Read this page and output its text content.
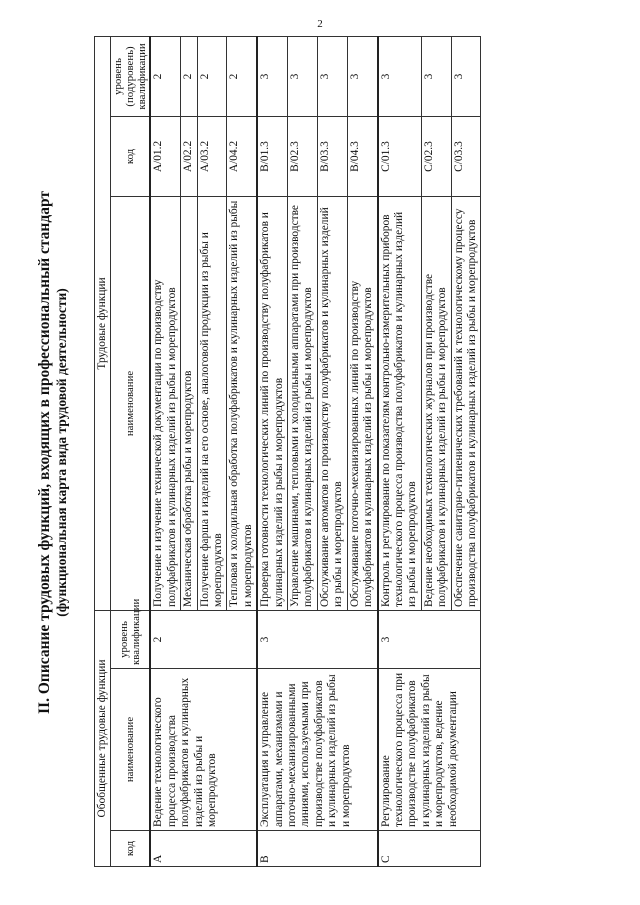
2
II. Описание трудовых функций, входящих в профессиональный стандарт (функциональная карта вида трудовой деятельности)
Обобщенные трудовые функции			Трудовые функции		
код	наименование	уровень квалификации	наименование	код	уровень (подуровень) квалификации
A	Ведение технологического процесса производства полуфабрикатов и кулинарных изделий из рыбы и морепродуктов	2	Получение и изучение технической документации по производству полуфабрикатов и кулинарных изделий из рыбы и морепродуктов	A/01.2	2
			Механическая обработка рыбы и морепродуктов	A/02.2	2
			Получение фарша и изделий на его основе, аналоговой продукции из рыбы и морепродуктов	A/03.2	2
			Тепловая и холодильная обработка полуфабрикатов и кулинарных изделий из рыбы и морепродуктов	A/04.2	2
B	Эксплуатация и управление аппаратами, механизмами и поточно-механизированными линиями, используемыми при производстве полуфабрикатов и кулинарных изделий из рыбы и морепродуктов	3	Проверка готовности технологических линий по производству полуфабрикатов и кулинарных изделий из рыбы и морепродуктов	B/01.3	3
			Управление машинами, тепловыми и холодильными аппаратами при производстве полуфабрикатов и кулинарных изделий из рыбы и морепродуктов	B/02.3	3
			Обслуживание автоматов по производству полуфабрикатов и кулинарных изделий из рыбы и морепродуктов	B/03.3	3
			Обслуживание поточно-механизированных линий по производству полуфабрикатов и кулинарных изделий из рыбы и морепродуктов	B/04.3	3
C	Регулирование технологического процесса при производстве полуфабрикатов и кулинарных изделий из рыбы и морепродуктов, ведение необходимой документации	3	Контроль и регулирование по показателям контрольно-измерительных приборов технологического процесса производства полуфабрикатов и кулинарных изделий из рыбы и морепродуктов	C/01.3	3
			Ведение необходимых технологических журналов при производстве полуфабрикатов и кулинарных изделий из рыбы и морепродуктов	C/02.3	3
			Обеспечение санитарно-гигиенических требований к технологическому процессу производства полуфабрикатов и кулинарных изделий из рыбы и морепродуктов	C/03.3	3
